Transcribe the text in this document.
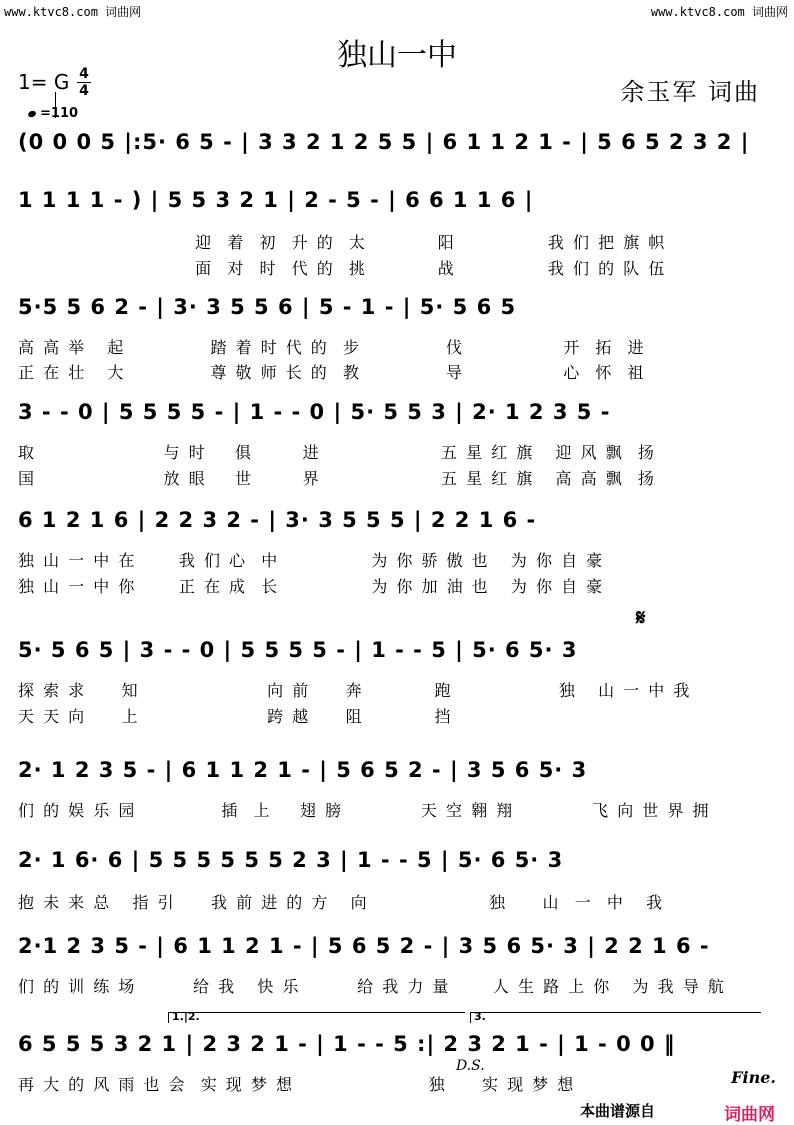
www.ktvc8.com 词曲网	www.ktvc8.com 词曲网
独山一中
1= G 4
4
=110
余玉军 词曲
(0 0 0 5 |:5· 6 5 - | 3 3 2 1 2 5 5 | 6 1 1 2 1 - | 5 6 5 2 3 2 |
1 1 1 1 - ) | 5 5 3 2 1 | 2 - 5 - | 6 6 1 1 6 |
迎  着  初  升 的  太          阳             我 们 把 旗 帜
面  对  时  代 的  挑          战             我 们 的 队 伍
5·5 5 6 2 - | 3· 3 5 5 6 | 5 - 1 - | 5· 5 6 5
高 高 举   起            踏 着 时 代 的  步            伐              开  拓  进
正 在 壮   大            尊 敬 师 长 的  教            导              心  怀  祖
3 - - 0 | 5 5 5 5 - | 1 - - 0 | 5· 5 5 3 | 2· 1 2 3 5 -
取                  与 时    俱       进                 五 星 红 旗   迎 风 飘  扬
国                  放 眼    世       界                 五 星 红 旗   高 高 飘  扬
6 1 2 1 6 | 2 2 3 2 - | 3· 3 5 5 5 | 2 2 1 6 -
独 山 一 中 在      我 们 心  中             为 你 骄 傲 也   为 你 自 豪
独 山 一 中 你      正 在 成  长             为 你 加 油 也   为 你 自 豪
𝄋
5· 5 6 5 | 3 - - 0 | 5 5 5 5 - | 1 - - 5 | 5· 6 5· 3
探 索 求     知                  向 前     奔          跑               独   山 一 中 我
天 天 向     上                  跨 越     阻          挡
2· 1 2 3 5 - | 6 1 1 2 1 - | 5 6 5 2 - | 3 5 6 5· 3
们 的 娱 乐 园            插  上    翅 膀           天 空 翱 翔           飞 向 世 界 拥
2· 1 6· 6 | 5 5 5 5 5 5 2 3 | 1 - - 5 | 5· 6 5· 3
抱 未 来 总   指 引     我 前 进 的 方   向                 独     山  一  中   我
2·1 2 3 5 - | 6 1 1 2 1 - | 5 6 5 2 - | 3 5 6 5· 3 | 2 2 1 6 -
们 的 训 练 场        给 我   快 乐        给 我 力 量      人 生 路 上 你   为 我 导 航
1.|2.	3.
6 5 5 5 3 2 1 | 2 3 2 1 - | 1 - - 5 :| 2 3 2 1 - | 1 - 0 0 ‖
再 大 的 风 雨 也 会  实 现 梦 想                   独     实 现 梦 想
D.S.
Fine.
本曲谱源自	词曲网
